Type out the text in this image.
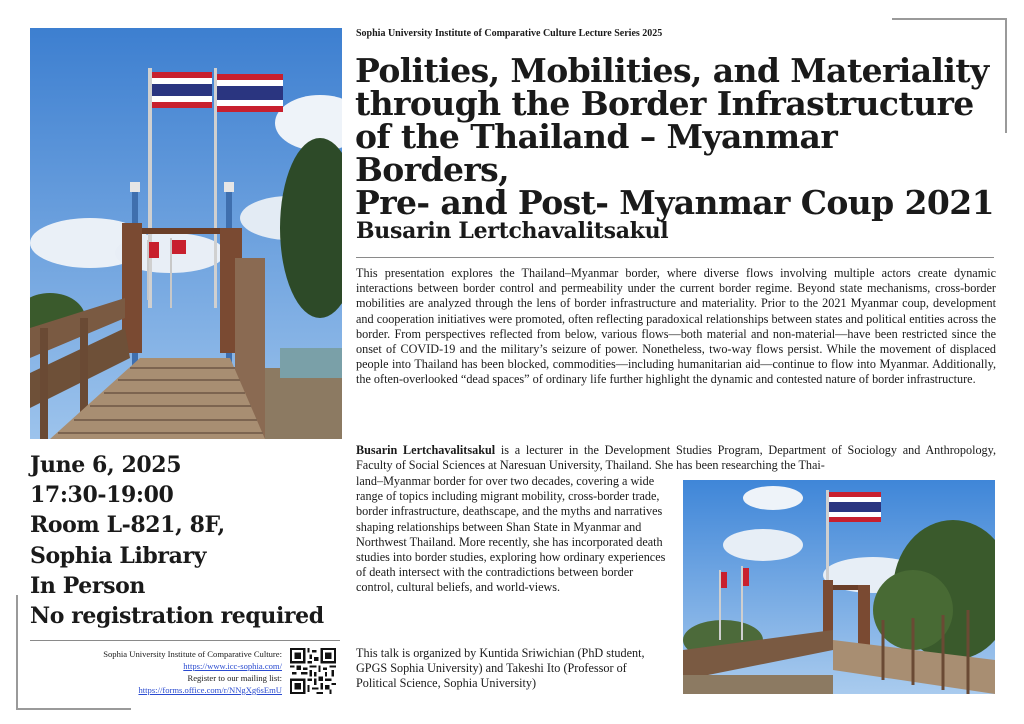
Sophia University Institute of Comparative Culture Lecture Series 2025
Polities, Mobilities, and Materiality
through the Border Infrastructure
of the Thailand – Myanmar Borders,
Pre- and Post- Myanmar Coup 2021
Busarin Lertchavalitsakul

This presentation explores the Thailand–Myanmar border, where diverse flows involving multiple actors create dynamic interactions between border control and permeability under the current border regime. Beyond state mechanisms, cross-border mobilities are analyzed through the lens of border infrastructure and materiality. Prior to the 2021 Myanmar coup, development and cooperation initiatives were promoted, often reflecting paradoxical relationships between states and political entities across the border. From perspectives reflected from below, various flows—both material and non-material—have been restricted since the onset of COVID-19 and the military’s seizure of power. Nonetheless, two-way flows persist. While the movement of displaced people into Thailand has been blocked, commodities—including humanitarian aid—continue to flow into Myanmar. Additionally, the often-overlooked “dead spaces” of ordinary life further highlight the dynamic and contested nature of border infrastructure.

Busarin Lertchavalitsakul is a lecturer in the Development Studies Program, Department of Sociology and Anthropology, Faculty of Social Sciences at Naresuan University, Thailand. She has been researching the Thai-

land–Myanmar border for over two decades, covering a wide range of topics including migrant mobility, cross-border trade, border infrastructure, deathscape, and the myths and narratives shaping relationships between Shan State in Myanmar and Northwest Thailand. More recently, she has incorporated death studies into border studies, exploring how ordinary experiences of death intersect with the contradictions between border control, cultural beliefs, and world-views.

This talk is organized by Kuntida Sriwichian (PhD student, GPGS Sophia University) and Takeshi Ito (Professor of Political Science, Sophia University)

June 6, 2025
17:30-19:00
Room L-821, 8F,
Sophia Library
In Person
No registration required
Sophia University Institute of Comparative Culture:
https://www.icc-sophia.com/
Register to our mailing list:
https://forms.office.com/r/NNgXg6sEmU
